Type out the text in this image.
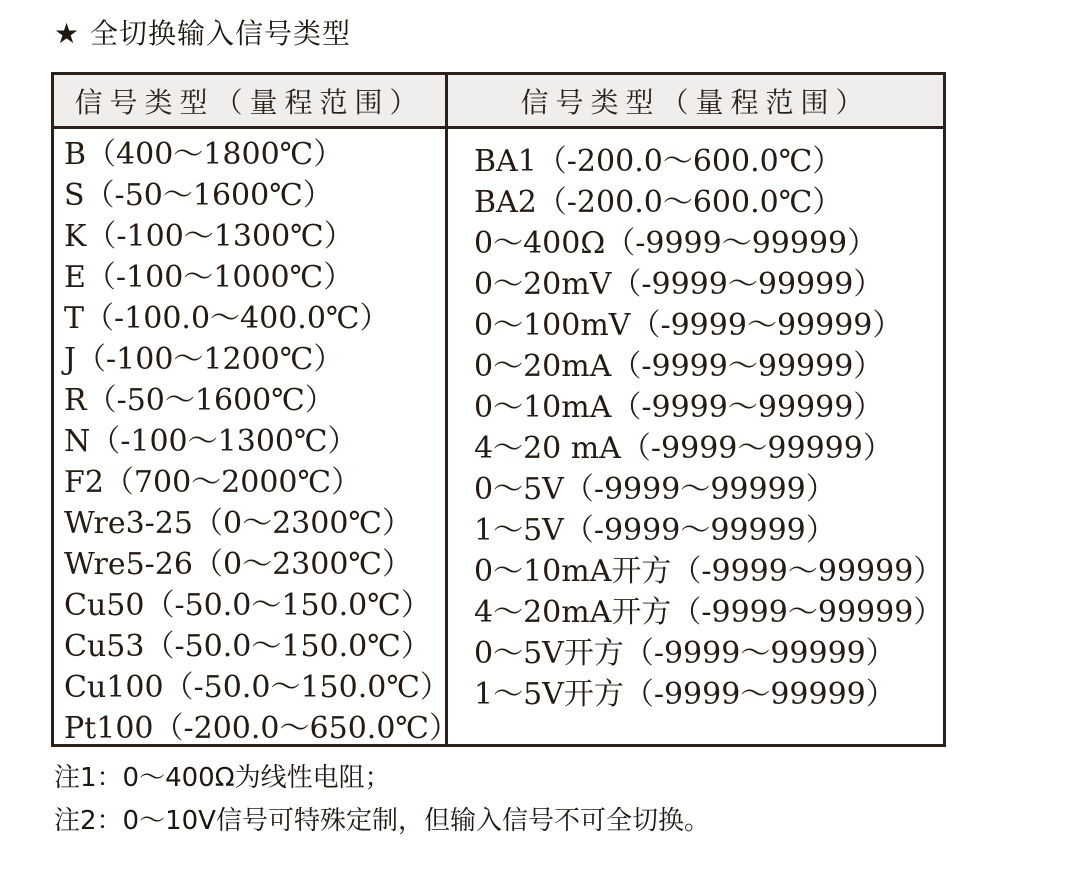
★ 全切换输入信号类型
信号类型（量程范围）	信号类型（量程范围）
B（400～1800℃）
S（-50～1600℃）
K（-100～1300℃）
E（-100～1000℃）
T（-100.0～400.0℃）
J（-100～1200℃）
R（-50～1600℃）
N（-100～1300℃）
F2（700～2000℃）
Wre3-25（0～2300℃）
Wre5-26（0～2300℃）
Cu50（-50.0～150.0℃）
Cu53（-50.0～150.0℃）
Cu100（-50.0～150.0℃）
Pt100（-200.0～650.0℃）
BA1（-200.0～600.0℃）
BA2（-200.0～600.0℃）
0～400Ω（-9999～99999）
0～20mV（-9999～99999）
0～100mV（-9999～99999）
0～20mA（-9999～99999）
0～10mA（-9999～99999）
4～20 mA（-9999～99999）
0～5V（-9999～99999）
1～5V（-9999～99999）
0～10mA开方（-9999～99999）
4～20mA开方（-9999～99999）
0～5V开方（-9999～99999）
1～5V开方（-9999～99999）
注1：0～400Ω为线性电阻；
注2：0～10V信号可特殊定制，但输入信号不可全切换。
